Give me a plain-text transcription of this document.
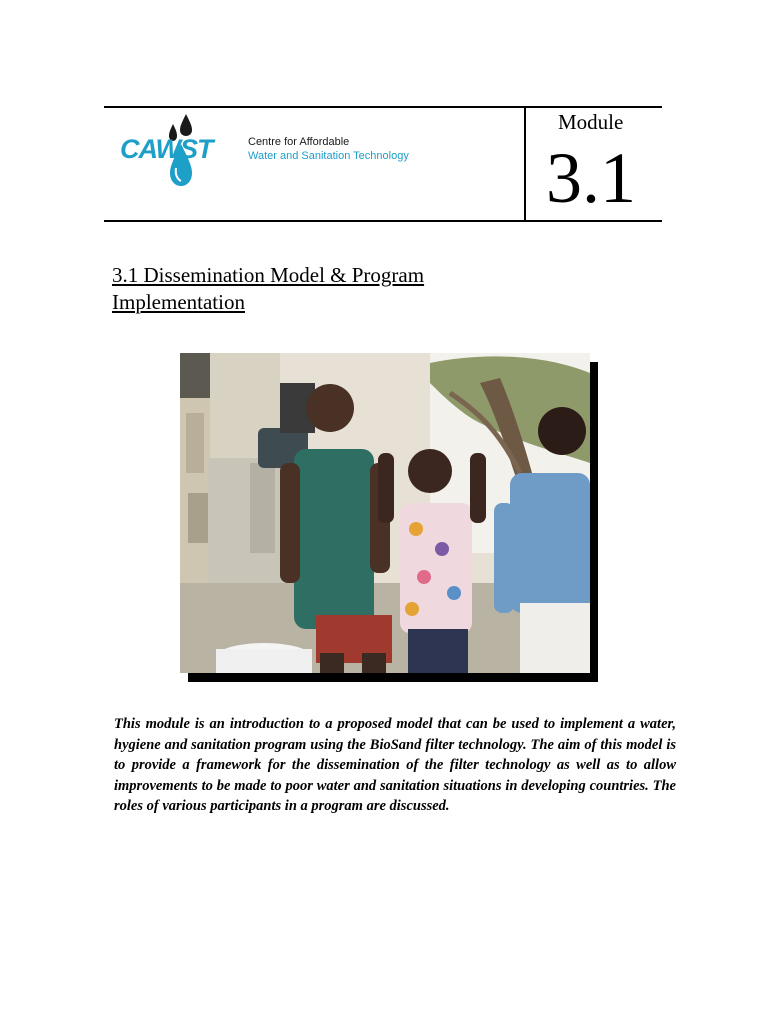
CAWST	Centre for Affordable
Water and Sanitation Technology
Module
3.1
3.1 Dissemination Model & Program Implementation

This module is an introduction to a proposed model that can be used to implement a water, hygiene and sanitation program using the BioSand filter technology. The aim of this model is to provide a framework for the dissemination of the filter technology as well as to allow improvements to be made to poor water and sanitation situations in developing countries. The roles of various participants in a program are discussed.
